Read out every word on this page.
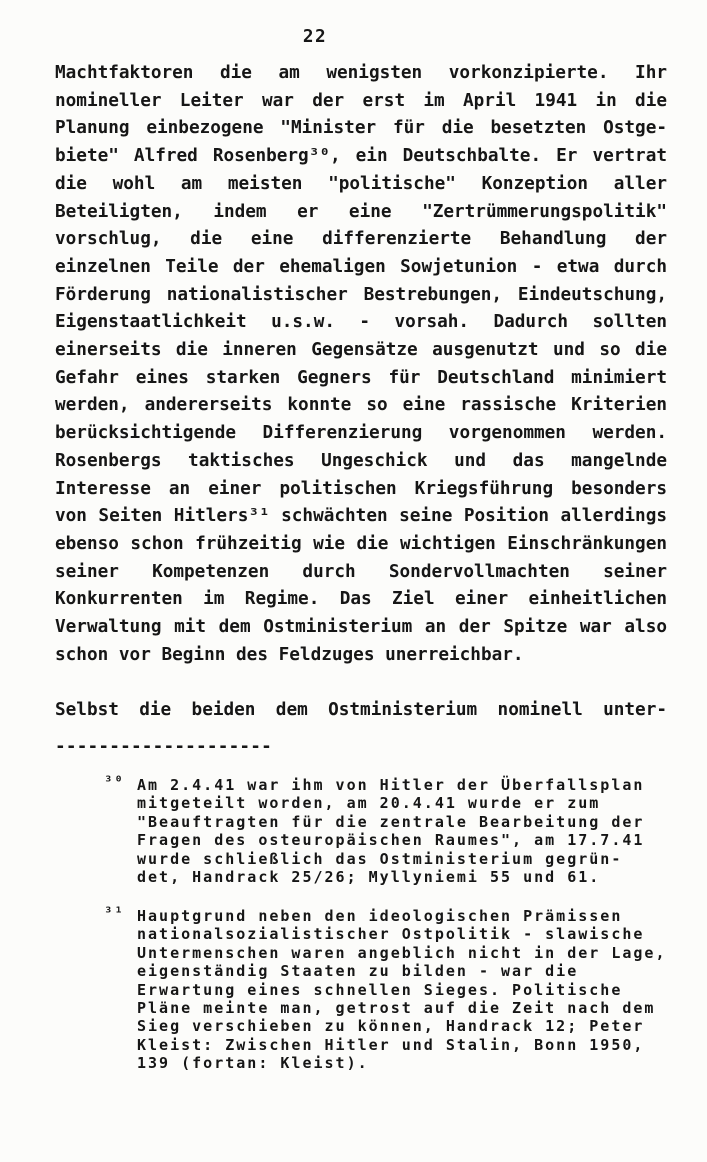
22
Machtfaktoren die am wenigsten vorkonzipierte. Ihr
nomineller Leiter war der erst im April 1941 in die
Planung einbezogene "Minister für die besetzten Ostge-
biete" Alfred Rosenberg³⁰, ein Deutschbalte. Er vertrat
die wohl am meisten "politische" Konzeption aller
Beteiligten, indem er eine "Zertrümmerungspolitik"
vorschlug, die eine differenzierte Behandlung der
einzelnen Teile der ehemaligen Sowjetunion - etwa durch
Förderung nationalistischer Bestrebungen, Eindeutschung,
Eigenstaatlichkeit u.s.w. - vorsah. Dadurch sollten
einerseits die inneren Gegensätze ausgenutzt und so die
Gefahr eines starken Gegners für Deutschland minimiert
werden, andererseits konnte so eine rassische Kriterien
berücksichtigende Differenzierung vorgenommen werden.
Rosenbergs taktisches Ungeschick und das mangelnde
Interesse an einer politischen Kriegsführung besonders
von Seiten Hitlers³¹ schwächten seine Position allerdings
ebenso schon frühzeitig wie die wichtigen Einschränkungen
seiner Kompetenzen durch Sondervollmachten seiner
Konkurrenten im Regime. Das Ziel einer einheitlichen
Verwaltung mit dem Ostministerium an der Spitze war also
schon vor Beginn des Feldzuges unerreichbar.

Selbst die beiden dem Ostministerium nominell unter-
--------------------
³⁰ Am 2.4.41 war ihm von Hitler der Überfallsplan
mitgeteilt worden, am 20.4.41 wurde er zum
"Beauftragten für die zentrale Bearbeitung der
Fragen des osteuropäischen Raumes", am 17.7.41
wurde schließlich das Ostministerium gegrün-
det, Handrack 25/26; Myllyniemi 55 und 61.
³¹ Hauptgrund neben den ideologischen Prämissen
nationalsozialistischer Ostpolitik - slawische
Untermenschen waren angeblich nicht in der Lage,
eigenständig Staaten zu bilden - war die
Erwartung eines schnellen Sieges. Politische
Pläne meinte man, getrost auf die Zeit nach dem
Sieg verschieben zu können, Handrack 12; Peter
Kleist: Zwischen Hitler und Stalin, Bonn 1950,
139 (fortan: Kleist).
